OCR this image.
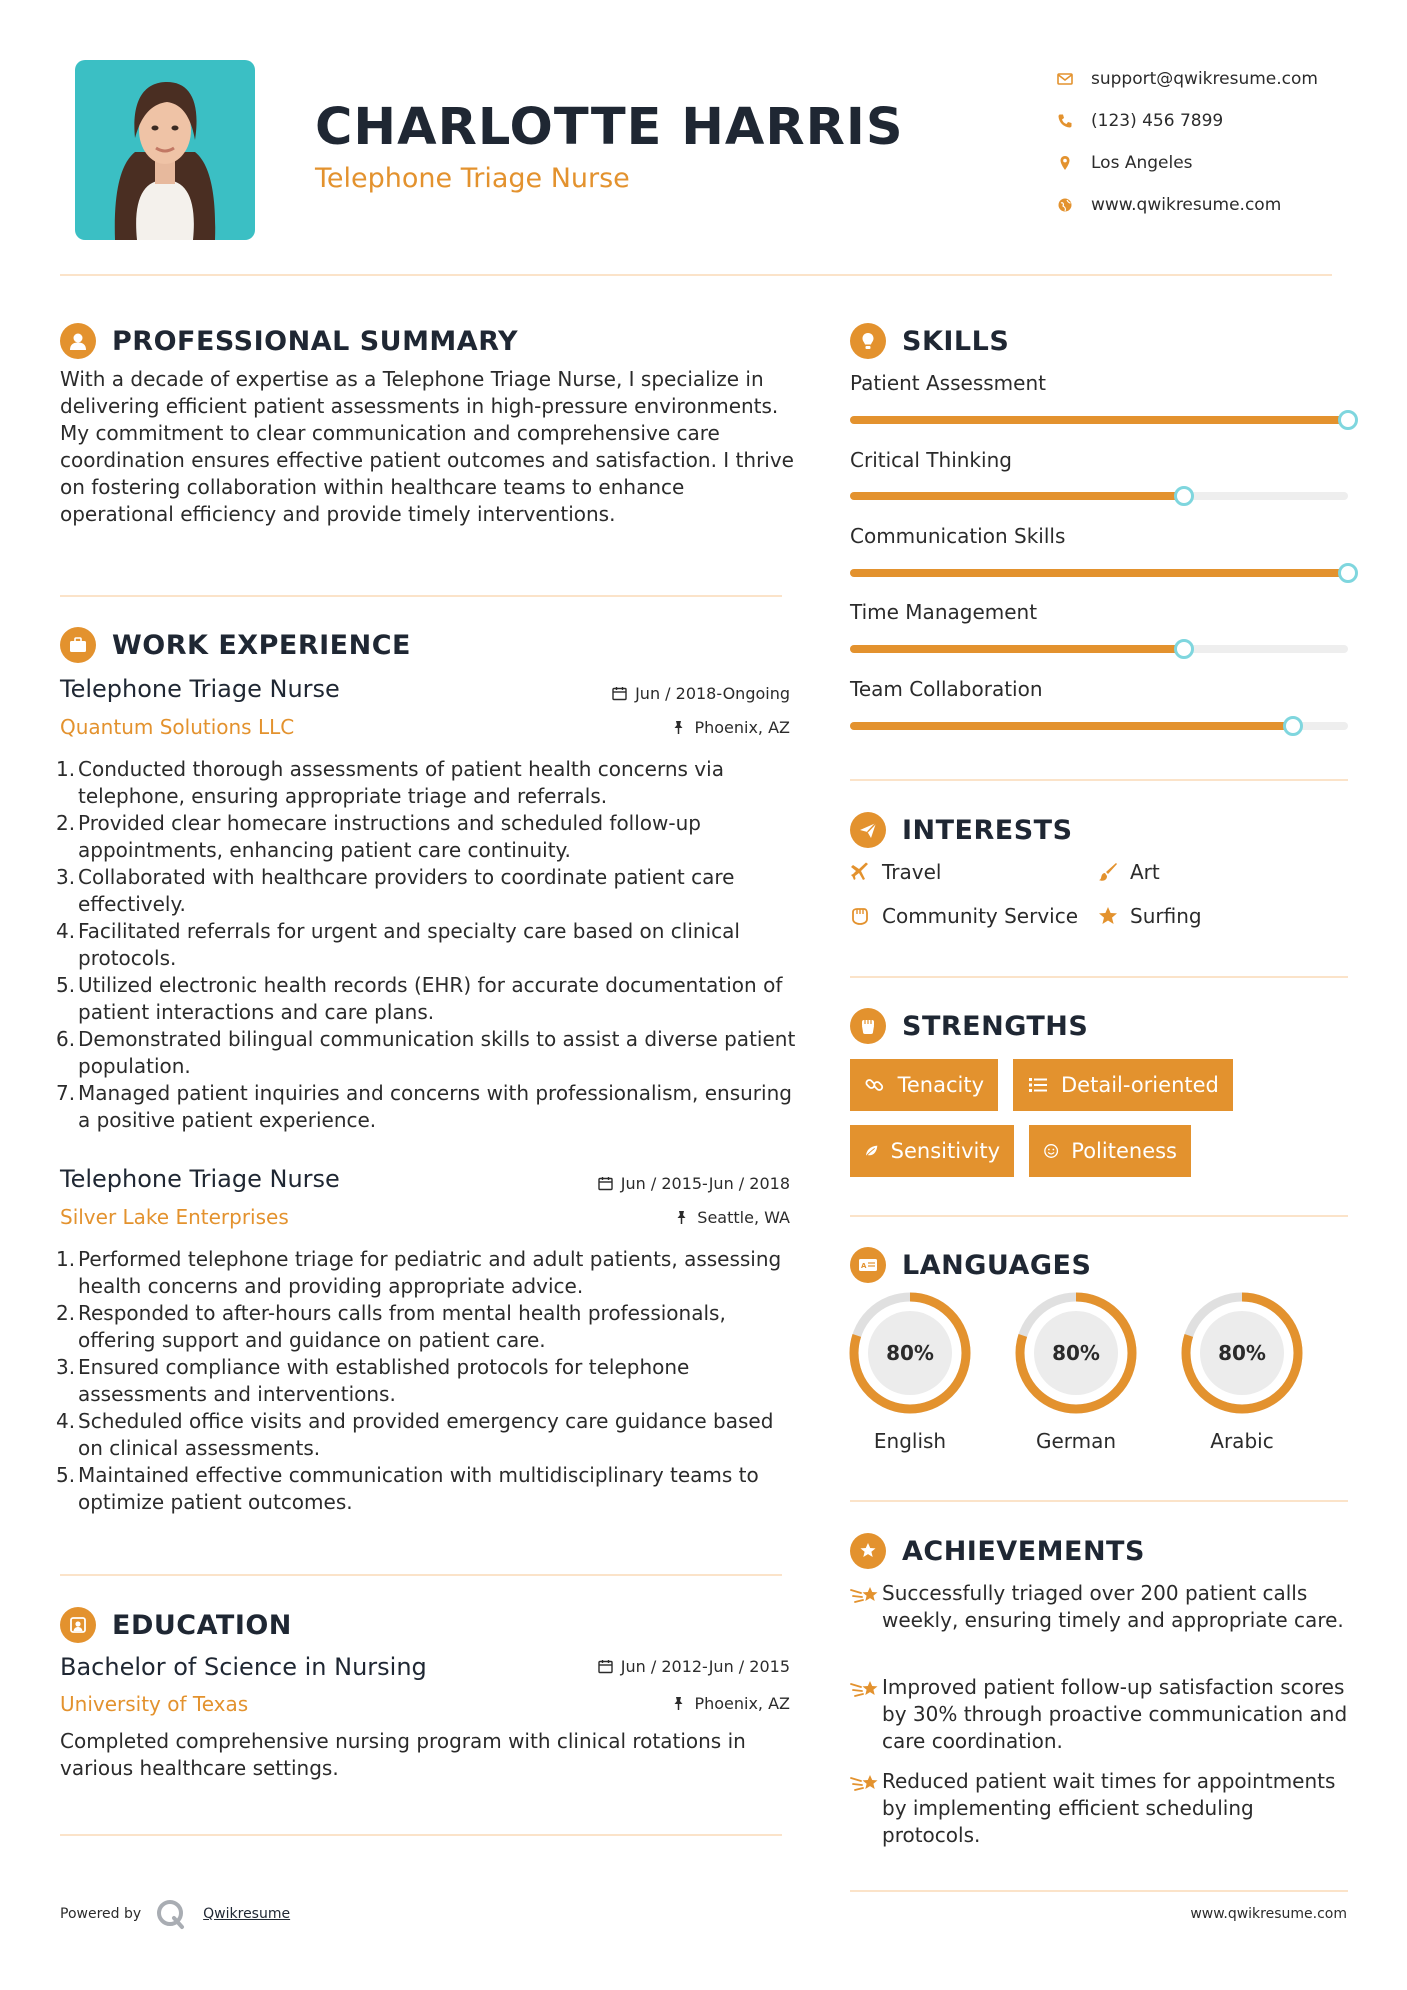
CHARLOTTE HARRIS
Telephone Triage Nurse
support@qwikresume.com
(123) 456 7899
Los Angeles
www.qwikresume.com
PROFESSIONAL SUMMARY
With a decade of expertise as a Telephone Triage Nurse, I specialize in delivering efficient patient assessments in high-pressure environments. My commitment to clear communication and comprehensive care coordination ensures effective patient outcomes and satisfaction. I thrive on fostering collaboration within healthcare teams to enhance operational efficiency and provide timely interventions.
WORK EXPERIENCE
Telephone Triage Nurse	Jun / 2018-Ongoing
Quantum Solutions LLC	Phoenix, AZ
1. Conducted thorough assessments of patient health concerns via telephone, ensuring appropriate triage and referrals.
2. Provided clear homecare instructions and scheduled follow-up appointments, enhancing patient care continuity.
3. Collaborated with healthcare providers to coordinate patient care effectively.
4. Facilitated referrals for urgent and specialty care based on clinical protocols.
5. Utilized electronic health records (EHR) for accurate documentation of patient interactions and care plans.
6. Demonstrated bilingual communication skills to assist a diverse patient population.
7. Managed patient inquiries and concerns with professionalism, ensuring a positive patient experience.
Telephone Triage Nurse	Jun / 2015-Jun / 2018
Silver Lake Enterprises	Seattle, WA
1. Performed telephone triage for pediatric and adult patients, assessing health concerns and providing appropriate advice.
2. Responded to after-hours calls from mental health professionals, offering support and guidance on patient care.
3. Ensured compliance with established protocols for telephone assessments and interventions.
4. Scheduled office visits and provided emergency care guidance based on clinical assessments.
5. Maintained effective communication with multidisciplinary teams to optimize patient outcomes.
EDUCATION
Bachelor of Science in Nursing	Jun / 2012-Jun / 2015
University of Texas	Phoenix, AZ
Completed comprehensive nursing program with clinical rotations in various healthcare settings.
SKILLS
Patient Assessment
Critical Thinking
Communication Skills
Time Management
Team Collaboration
INTERESTS
Travel	Art
Community Service	Surfing
STRENGTHS
Tenacity	Detail-oriented
Sensitivity	Politeness
A LANGUAGES
80%
English
80%
German
80%
Arabic
ACHIEVEMENTS
Successfully triaged over 200 patient calls weekly, ensuring timely and appropriate care.
Improved patient follow-up satisfaction scores by 30% through proactive communication and care coordination.
Reduced patient wait times for appointments by implementing efficient scheduling protocols.
Powered by	Qwikresume	www.qwikresume.com
